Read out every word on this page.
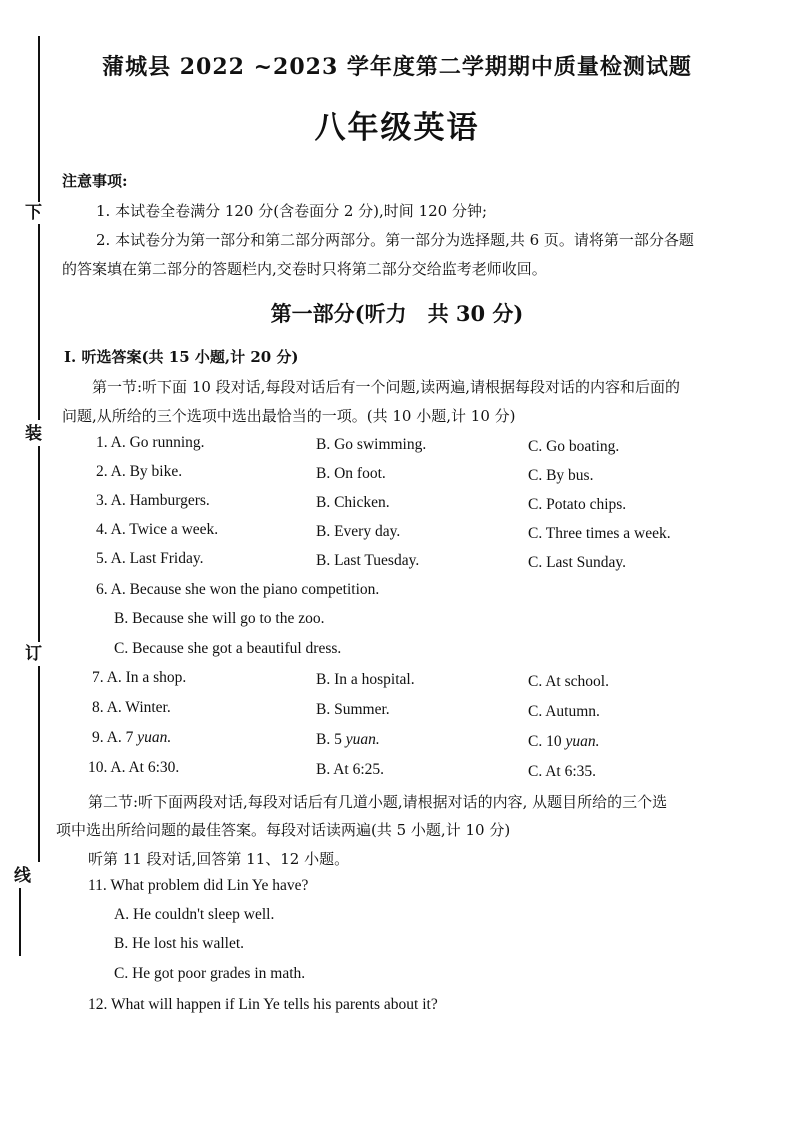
下
装
订
线
蒲城县 2022 ~2023 学年度第二学期期中质量检测试题
八年级英语
注意事项:
1. 本试卷全卷满分 120 分(含卷面分 2 分),时间 120 分钟;
2. 本试卷分为第一部分和第二部分两部分。第一部分为选择题,共 6 页。请将第一部分各题
的答案填在第二部分的答题栏内,交卷时只将第二部分交给监考老师收回。
第一部分(听力　共 30 分)
Ⅰ. 听选答案(共 15 小题,计 20 分)
第一节:听下面 10 段对话,每段对话后有一个问题,读两遍,请根据每段对话的内容和后面的
问题,从所给的三个选项中选出最恰当的一项。(共 10 小题,计 10 分)
1. A. Go running.	B. Go swimming.	C. Go boating.
2. A. By bike.	B. On foot.	C. By bus.
3. A. Hamburgers.	B. Chicken.	C. Potato chips.
4. A. Twice a week.	B. Every day.	C. Three times a week.
5. A. Last Friday.	B. Last Tuesday.	C. Last Sunday.
6. A. Because she won the piano competition.
B. Because she will go to the zoo.
C. Because she got a beautiful dress.
7. A. In a shop.	B. In a hospital.	C. At school.
8. A. Winter.	B. Summer.	C. Autumn.
9. A. 7 yuan.	B. 5 yuan.	C. 10 yuan.
10. A. At 6:30.	B. At 6:25.	C. At 6:35.
第二节:听下面两段对话,每段对话后有几道小题,请根据对话的内容, 从题目所给的三个选
项中选出所给问题的最佳答案。每段对话读两遍(共 5 小题,计 10 分)
听第 11 段对话,回答第 11、12 小题。
11. What problem did Lin Ye have?
A. He couldn't sleep well.
B. He lost his wallet.
C. He got poor grades in math.
12. What will happen if Lin Ye tells his parents about it?
